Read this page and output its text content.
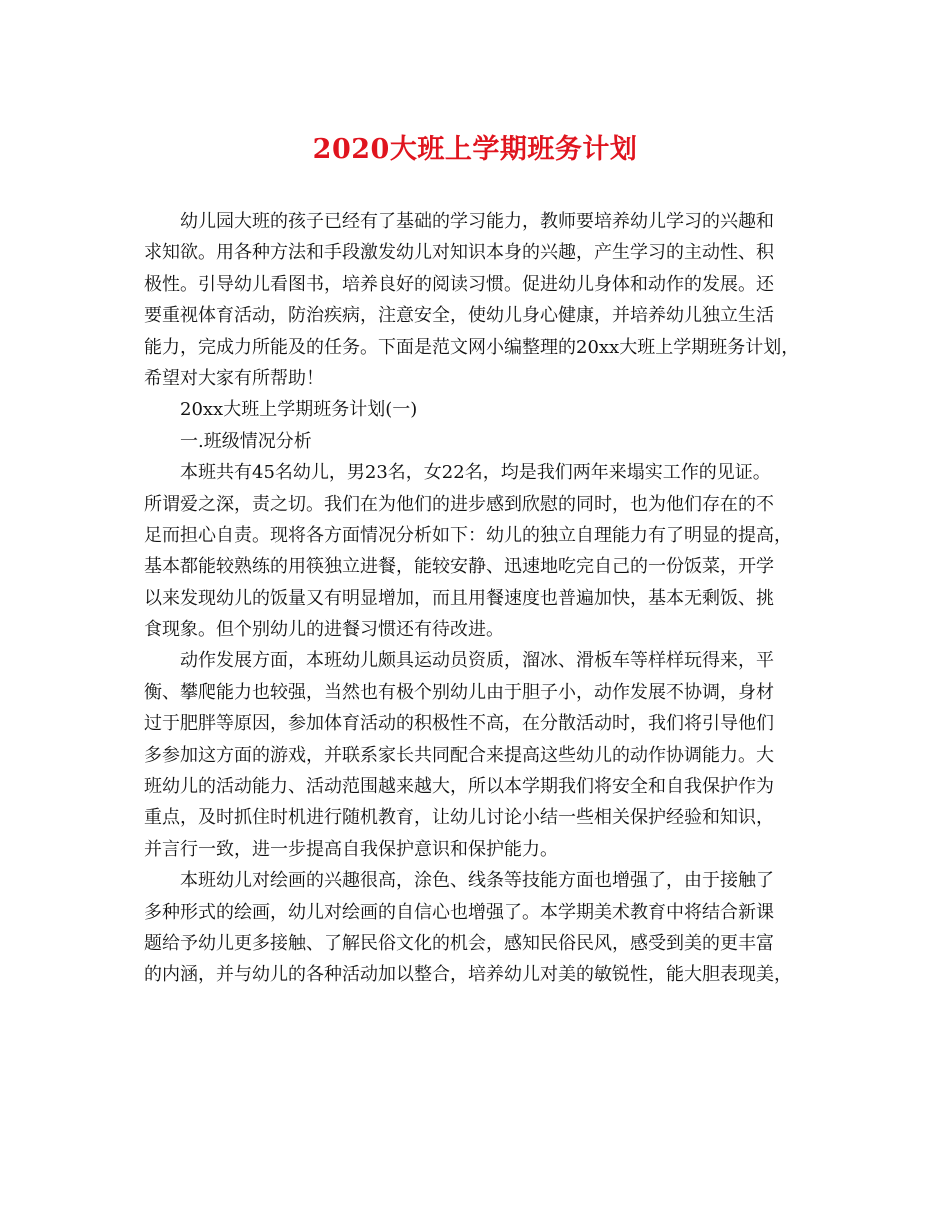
2020大班上学期班务计划
幼儿园大班的孩子已经有了基础的学习能力，教师要培养幼儿学习的兴趣和
求知欲。用各种方法和手段激发幼儿对知识本身的兴趣，产生学习的主动性、积
极性。引导幼儿看图书，培养良好的阅读习惯。促进幼儿身体和动作的发展。还
要重视体育活动，防治疾病，注意安全，使幼儿身心健康，并培养幼儿独立生活
能力，完成力所能及的任务。下面是范文网小编整理的20xx大班上学期班务计划，
希望对大家有所帮助！
20xx大班上学期班务计划(一)
一.班级情况分析
本班共有45名幼儿，男23名，女22名，均是我们两年来塌实工作的见证。
所谓爱之深，责之切。我们在为他们的进步感到欣慰的同时，也为他们存在的不
足而担心自责。现将各方面情况分析如下：幼儿的独立自理能力有了明显的提高，
基本都能较熟练的用筷独立进餐，能较安静、迅速地吃完自己的一份饭菜，开学
以来发现幼儿的饭量又有明显增加，而且用餐速度也普遍加快，基本无剩饭、挑
食现象。但个别幼儿的进餐习惯还有待改进。
动作发展方面，本班幼儿颇具运动员资质，溜冰、滑板车等样样玩得来，平
衡、攀爬能力也较强，当然也有极个别幼儿由于胆子小，动作发展不协调，身材
过于肥胖等原因，参加体育活动的积极性不高，在分散活动时，我们将引导他们
多参加这方面的游戏，并联系家长共同配合来提高这些幼儿的动作协调能力。大
班幼儿的活动能力、活动范围越来越大，所以本学期我们将安全和自我保护作为
重点，及时抓住时机进行随机教育，让幼儿讨论小结一些相关保护经验和知识，
并言行一致，进一步提高自我保护意识和保护能力。
本班幼儿对绘画的兴趣很高，涂色、线条等技能方面也增强了，由于接触了
多种形式的绘画，幼儿对绘画的自信心也增强了。本学期美术教育中将结合新课
题给予幼儿更多接触、了解民俗文化的机会，感知民俗民风，感受到美的更丰富
的内涵，并与幼儿的各种活动加以整合，培养幼儿对美的敏锐性，能大胆表现美，
